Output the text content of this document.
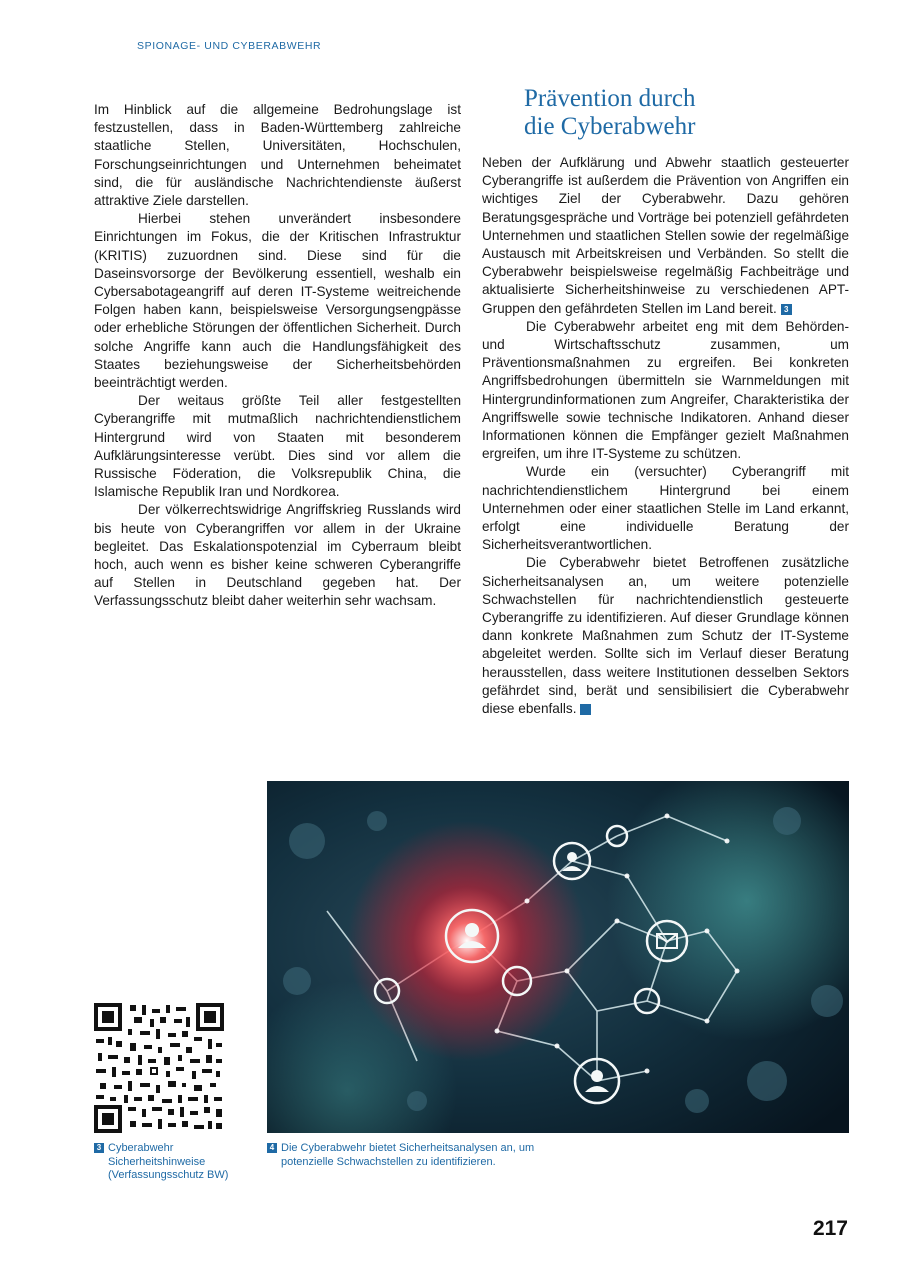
SPIONAGE- UND CYBERABWEHR

Im Hinblick auf die allgemeine Bedrohungslage ist festzustellen, dass in Baden-Württemberg zahlreiche staatliche Stellen, Universitäten, Hochschulen, Forschungseinrichtungen und Unternehmen beheimatet sind, die für ausländische Nachrichtendienste äußerst attraktive Ziele darstellen.

Hierbei stehen unverändert insbesondere Einrichtungen im Fokus, die der Kritischen Infrastruktur (KRITIS) zuzuordnen sind. Diese sind für die Daseinsvorsorge der Bevölkerung essentiell, weshalb ein Cybersabotageangriff auf deren IT-Systeme weitreichende Folgen haben kann, beispielsweise Versorgungsengpässe oder erhebliche Störungen der öffentlichen Sicherheit. Durch solche Angriffe kann auch die Handlungsfähigkeit des Staates beziehungsweise der Sicherheitsbehörden beeinträchtigt werden.

Der weitaus größte Teil aller festgestellten Cyberangriffe mit mutmaßlich nachrichtendienstlichem Hintergrund wird von Staaten mit besonderem Aufklärungsinteresse verübt. Dies sind vor allem die Russische Föderation, die Volksrepublik China, die Islamische Republik Iran und Nordkorea.

Der völkerrechtswidrige Angriffskrieg Russlands wird bis heute von Cyberangriffen vor allem in der Ukraine begleitet. Das Eskalationspotenzial im Cyberraum bleibt hoch, auch wenn es bisher keine schweren Cyberangriffe auf Stellen in Deutschland gegeben hat. Der Verfassungsschutz bleibt daher weiterhin sehr wachsam.

Prävention durch
die Cyberabwehr

Neben der Aufklärung und Abwehr staatlich gesteuerter Cyberangriffe ist außerdem die Prävention von Angriffen ein wichtiges Ziel der Cyberabwehr. Dazu gehören Beratungsgespräche und Vorträge bei potenziell gefährdeten Unternehmen und staatlichen Stellen sowie der regelmäßige Austausch mit Arbeitskreisen und Verbänden. So stellt die Cyberabwehr beispielsweise regelmäßig Fachbeiträge und aktualisierte Sicherheitshinweise zu verschiedenen APT-Gruppen den gefährdeten Stellen im Land bereit. 3

Die Cyberabwehr arbeitet eng mit dem Behörden- und Wirtschaftsschutz zusammen, um Präventionsmaßnahmen zu ergreifen. Bei konkreten Angriffsbedrohungen übermitteln sie Warnmeldungen mit Hintergrundinformationen zum Angreifer, Charakteristika der Angriffswelle sowie technische Indikatoren. Anhand dieser Informationen können die Empfänger gezielt Maßnahmen ergreifen, um ihre IT-Systeme zu schützen.

Wurde ein (versuchter) Cyberangriff mit nachrichtendienstlichem Hintergrund bei einem Unternehmen oder einer staatlichen Stelle im Land erkannt, erfolgt eine individuelle Beratung der Sicherheitsverantwortlichen.

Die Cyberabwehr bietet Betroffenen zusätzliche Sicherheitsanalysen an, um weitere potenzielle Schwachstellen für nachrichtendienstlich gesteuerte Cyberangriffe zu identifizieren. Auf dieser Grundlage können dann konkrete Maßnahmen zum Schutz der IT-Systeme abgeleitet werden. Sollte sich im Verlauf dieser Beratung herausstellen, dass weitere Institutionen desselben Sektors gefährdet sind, berät und sensibilisiert die Cyberabwehr diese ebenfalls.	4

3 Cyberabwehr Sicherheitshinweise (Verfassungsschutz BW)
4 Die Cyberabwehr bietet Sicherheitsanalysen an, um potenzielle Schwachstellen zu identifizieren.
217
